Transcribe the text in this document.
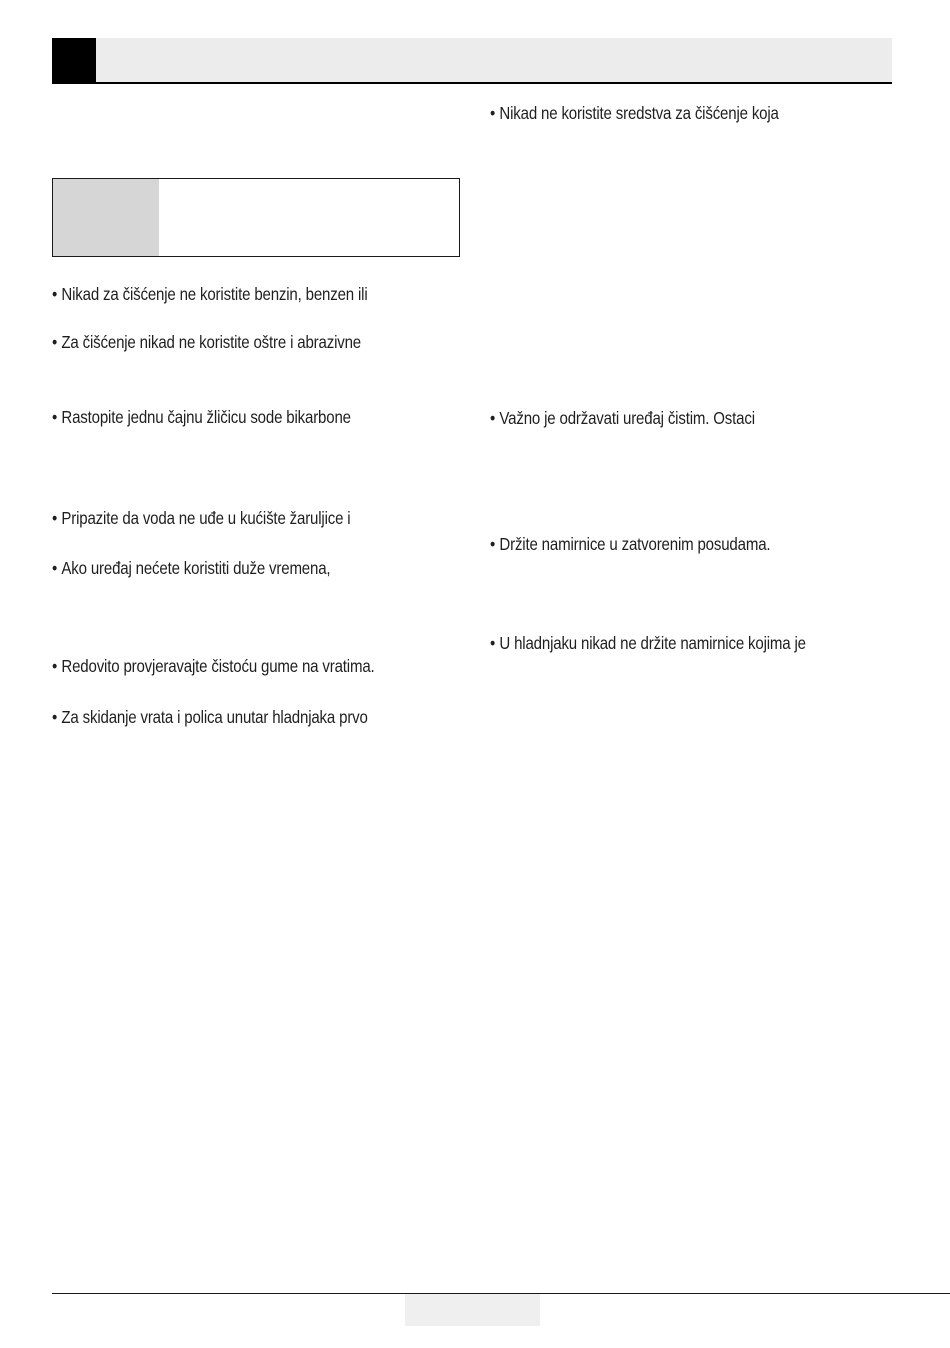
• Nikad za čišćenje ne koristite benzin, benzen ili
• Za čišćenje nikad ne koristite oštre i abrazivne
• Rastopite jednu čajnu žličicu sode bikarbone
• Pripazite da voda ne uđe u kućište žaruljice i
• Ako uređaj nećete koristiti duže vremena,
• Redovito provjeravajte čistoću gume na vratima.
• Za skidanje vrata i polica unutar hladnjaka prvo
• Nikad ne koristite sredstva za čišćenje koja
• Važno je održavati uređaj čistim. Ostaci
• Držite namirnice u zatvorenim posudama.
• U hladnjaku nikad ne držite namirnice kojima je
